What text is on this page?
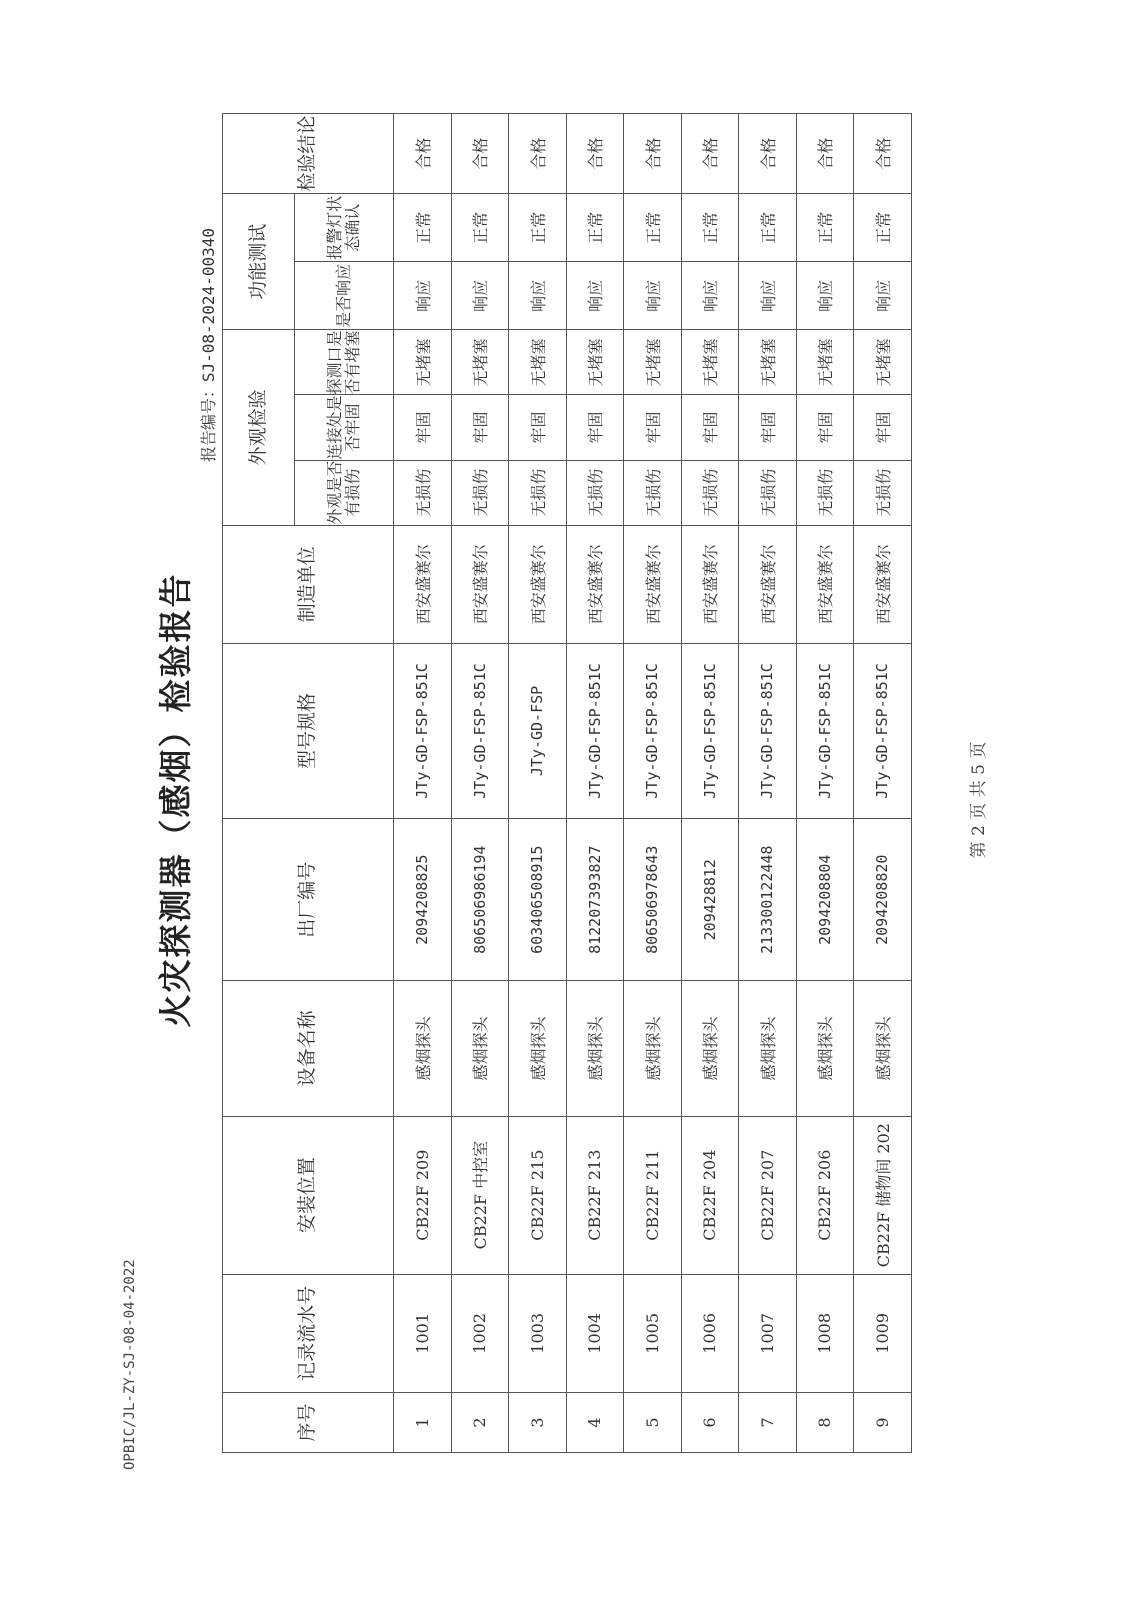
OPBIC/JL-ZY-SJ-08-04-2022
火灾探测器（感烟）检验报告
报告编号：SJ-08-2024-00340
序号	记录流水号	安装位置	设备名称	出厂编号	型号规格	制造单位	外观检验			功能测试		检验结论
							外观是否有损伤	连接处是否牢固	探测口是否有堵塞	是否响应	报警灯状态确认	
1	1001	CB22F 209	感烟探头	2094208825	JTy-GD-FSP-851C	西安盛赛尔	无损伤	牢固	无堵塞	响应	正常	合格
2	1002	CB22F 中控室	感烟探头	806506986194	JTy-GD-FSP-851C	西安盛赛尔	无损伤	牢固	无堵塞	响应	正常	合格
3	1003	CB22F 215	感烟探头	603406508915	JTy-GD-FSP	西安盛赛尔	无损伤	牢固	无堵塞	响应	正常	合格
4	1004	CB22F 213	感烟探头	812207393827	JTy-GD-FSP-851C	西安盛赛尔	无损伤	牢固	无堵塞	响应	正常	合格
5	1005	CB22F 211	感烟探头	806506978643	JTy-GD-FSP-851C	西安盛赛尔	无损伤	牢固	无堵塞	响应	正常	合格
6	1006	CB22F 204	感烟探头	209428812	JTy-GD-FSP-851C	西安盛赛尔	无损伤	牢固	无堵塞	响应	正常	合格
7	1007	CB22F 207	感烟探头	213300122448	JTy-GD-FSP-851C	西安盛赛尔	无损伤	牢固	无堵塞	响应	正常	合格
8	1008	CB22F 206	感烟探头	2094208804	JTy-GD-FSP-851C	西安盛赛尔	无损伤	牢固	无堵塞	响应	正常	合格
9	1009	CB22F 储物间 202	感烟探头	2094208820	JTy-GD-FSP-851C	西安盛赛尔	无损伤	牢固	无堵塞	响应	正常	合格
第 2 页 共 5 页
